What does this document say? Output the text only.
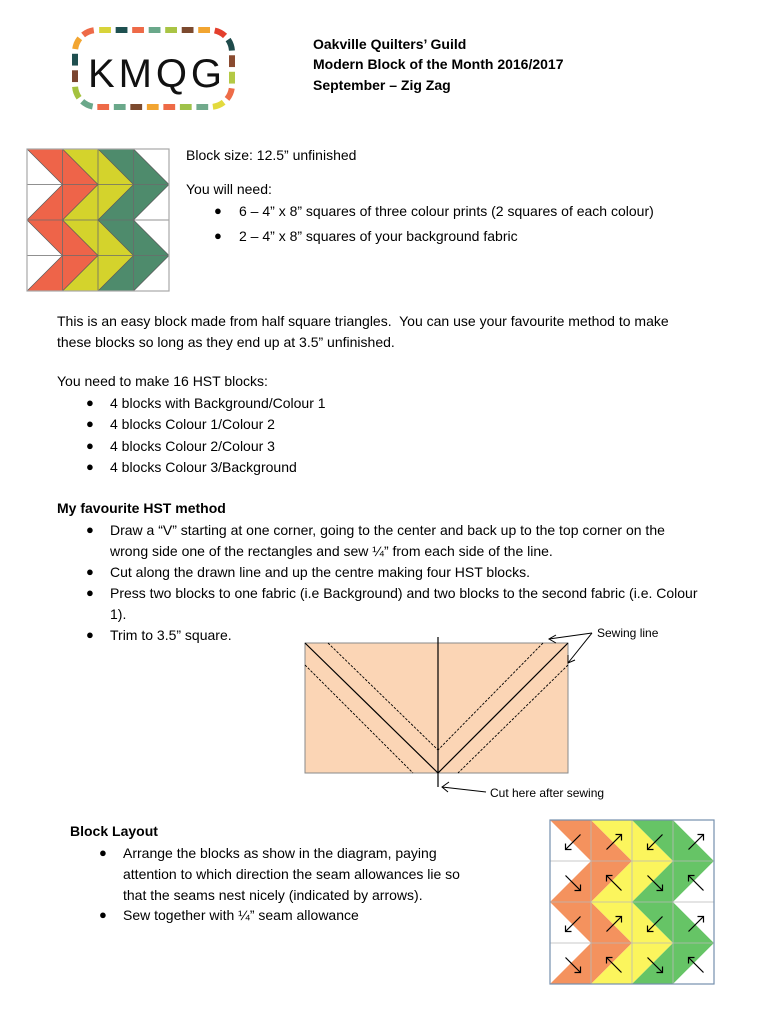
KMQG
Oakville Quilters’ Guild
Modern Block of the Month 2016/2017
September – Zig Zag
Block size: 12.5” unfinished
You will need:
● 6 – 4” x 8” squares of three colour prints (2 squares of each colour)
● 2 – 4” x 8” squares of your background fabric
This is an easy block made from half square triangles.  You can use your favourite method to make
these blocks so long as they end up at 3.5” unfinished.
You need to make 16 HST blocks:
● 4 blocks with Background/Colour 1
● 4 blocks Colour 1/Colour 2
● 4 blocks Colour 2/Colour 3
● 4 blocks Colour 3/Background
My favourite HST method
● Draw a “V” starting at one corner, going to the center and back up to the top corner on the
wrong side one of the rectangles and sew ¼” from each side of the line.
● Cut along the drawn line and up the centre making four HST blocks.
● Press two blocks to one fabric (i.e Background) and two blocks to the second fabric (i.e. Colour
1).
● Trim to 3.5” square.	Sewing line
Cut here after sewing
Block Layout
● Arrange the blocks as show in the diagram, paying
attention to which direction the seam allowances lie so
that the seams nest nicely (indicated by arrows).
● Sew together with ¼” seam allowance
